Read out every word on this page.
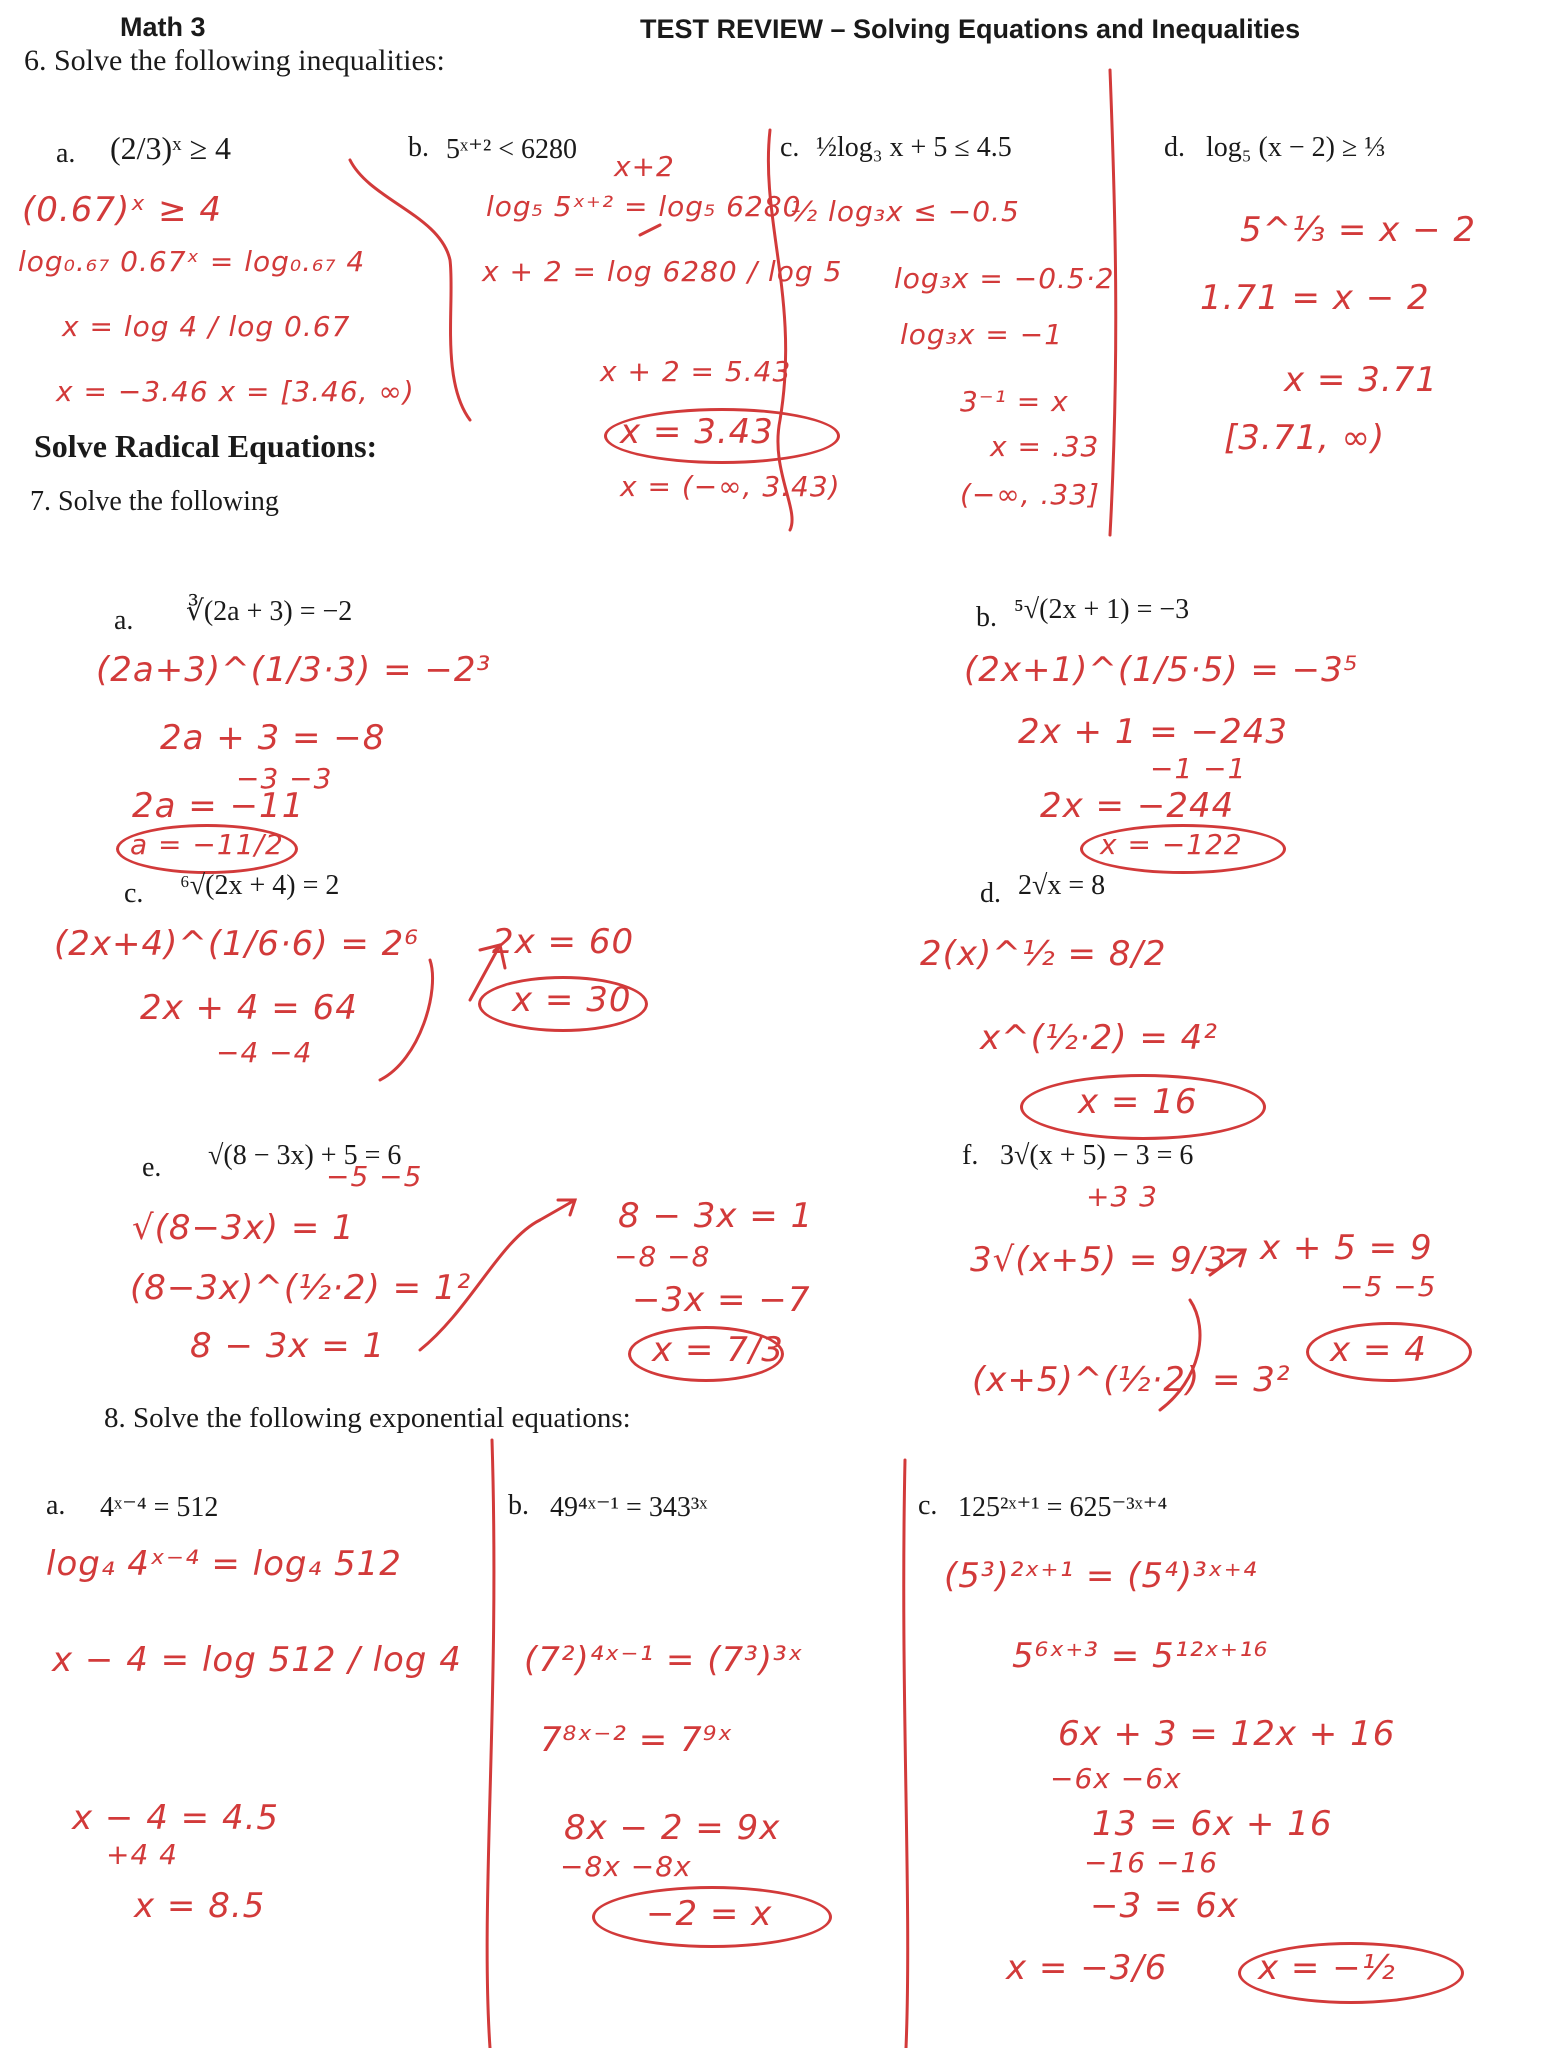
Math 3	TEST REVIEW – Solving Equations and Inequalities
6. Solve the following inequalities:
a. (2/3)ˣ ≥ 4	b. 5ˣ⁺² < 6280	c. ½log₃ x + 5 ≤ 4.5	d. log₅ (x − 2) ≥ ⅓
(0.67)ˣ ≥ 4
log₀.₆₇ 0.67ˣ = log₀.₆₇ 4
x = log 4 / log 0.67
x = −3.46 x = [3.46, ∞)
x+2
log₅ 5ˣ⁺² = log₅ 6280
x + 2 = log 6280 / log 5
x + 2 = 5.43
x = 3.43
x = (−∞, 3.43)
½ log₃x ≤ −0.5
log₃x = −0.5·2
log₃x = −1
3⁻¹ = x
x = .33
(−∞, .33]
5^⅓ = x − 2
1.71 = x − 2
x = 3.71
[3.71, ∞)
Solve Radical Equations:
7. Solve the following
a. ∛(2a + 3) = −2	b. ⁵√(2x + 1) = −3
(2a+3)^(1/3·3) = −2³
2a + 3 = −8
−3 −3
2a = −11
a = −11/2
(2x+1)^(1/5·5) = −3⁵
2x + 1 = −243
−1 −1
2x = −244
x = −122
c. ⁶√(2x + 4) = 2	d. 2√x = 8
(2x+4)^(1/6·6) = 2⁶
2x + 4 = 64
−4 −4
2x = 60
x = 30
2(x)^½ = 8/2
x^(½·2) = 4²
x = 16
e. √(8 − 3x) + 5 = 6	f. 3√(x + 5) − 3 = 6
−5 −5
√(8−3x) = 1
(8−3x)^(½·2) = 1²
8 − 3x = 1
8 − 3x = 1
−8 −8
−3x = −7
x = 7/3
+3 3
3√(x+5) = 9/3
(x+5)^(½·2) = 3²
x + 5 = 9
−5 −5
x = 4
8. Solve the following exponential equations:
a. 4ˣ⁻⁴ = 512	b. 49⁴ˣ⁻¹ = 343³ˣ	c. 125²ˣ⁺¹ = 625⁻³ˣ⁺⁴
log₄ 4ˣ⁻⁴ = log₄ 512
x − 4 = log 512 / log 4
x − 4 = 4.5
+4 4
x = 8.5
(7²)⁴ˣ⁻¹ = (7³)³ˣ
7⁸ˣ⁻² = 7⁹ˣ
8x − 2 = 9x
−8x −8x
−2 = x
(5³)²ˣ⁺¹ = (5⁴)³ˣ⁺⁴
5⁶ˣ⁺³ = 5¹²ˣ⁺¹⁶
6x + 3 = 12x + 16
−6x −6x
13 = 6x + 16
−16 −16
−3 = 6x
x = −3/6	x = −½
